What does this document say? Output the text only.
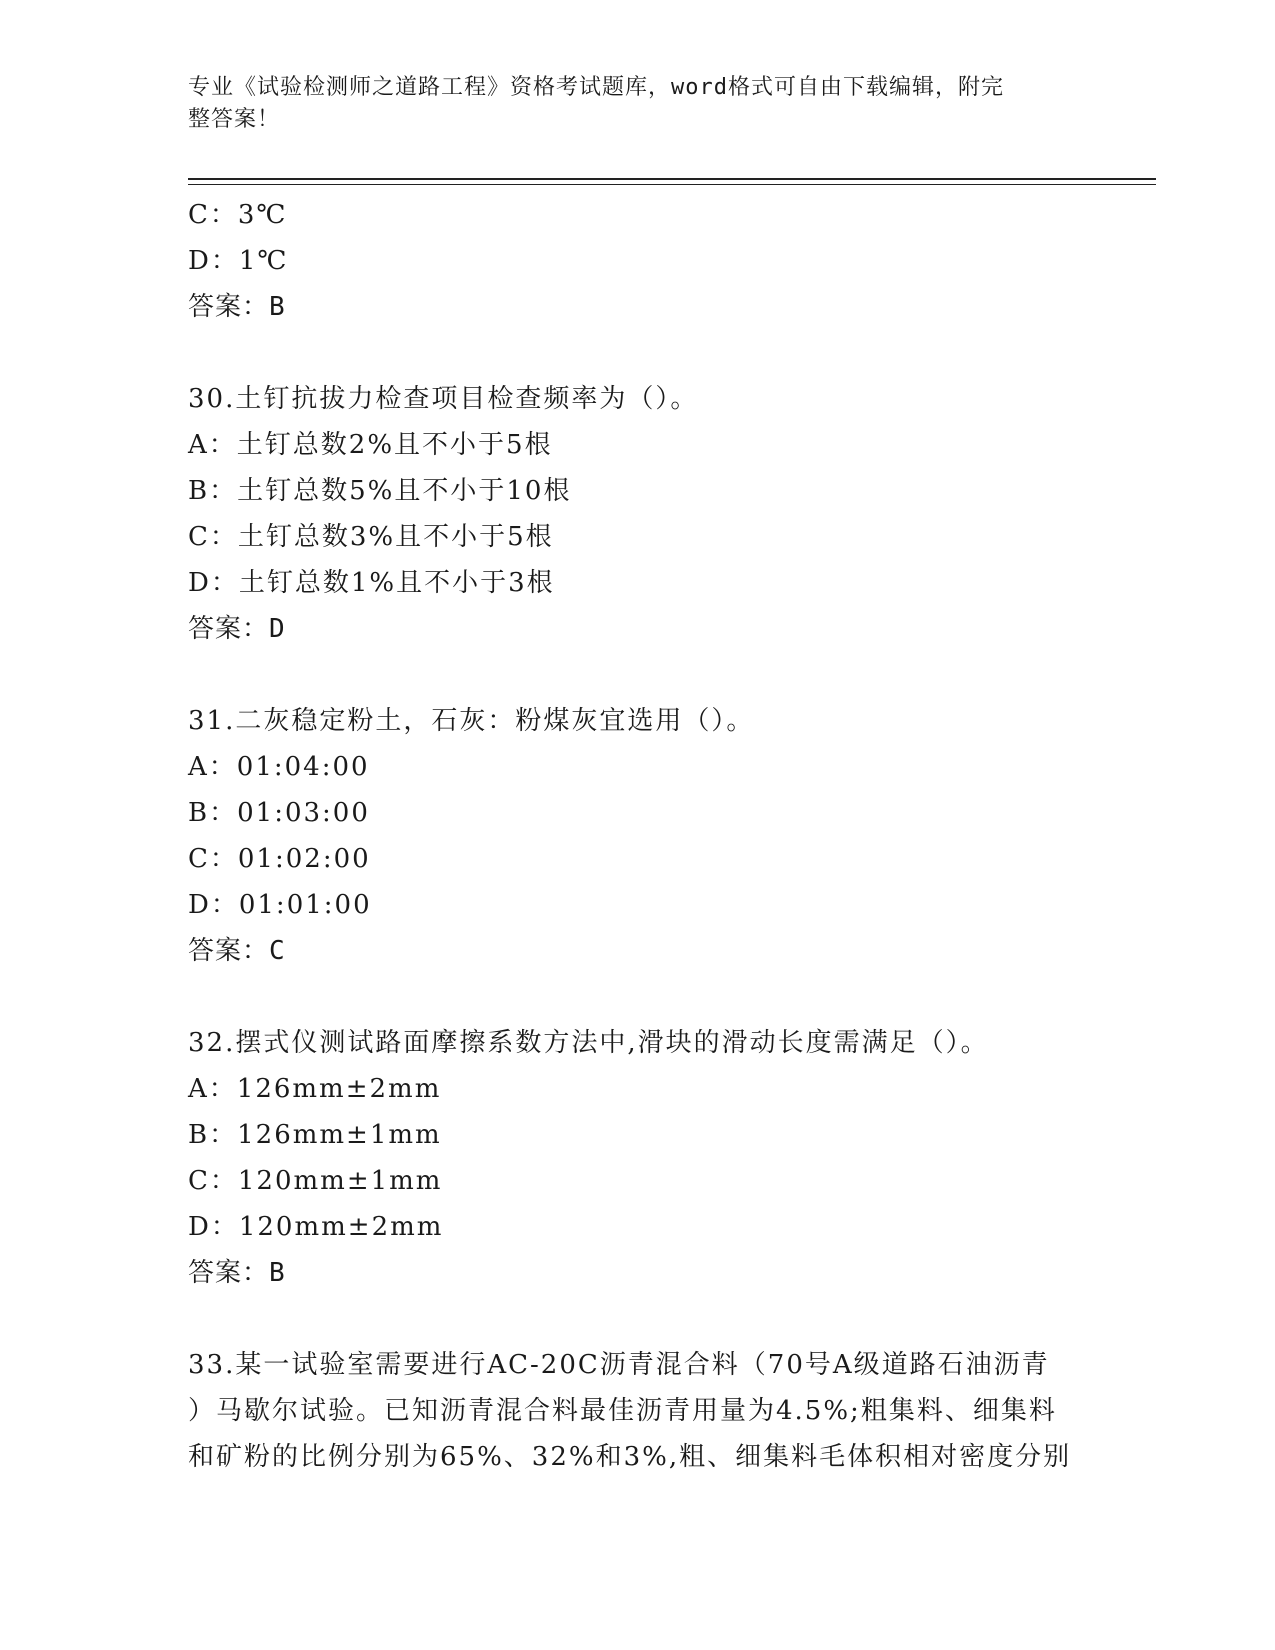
专业《试验检测师之道路工程》资格考试题库，word格式可自由下载编辑，附完
整答案！
C：3℃
D：1℃
答案：B
30.土钉抗拔力检查项目检查频率为（）。
A：土钉总数2%且不小于5根
B：土钉总数5%且不小于10根
C：土钉总数3%且不小于5根
D：土钉总数1%且不小于3根
答案：D
31.二灰稳定粉土，石灰：粉煤灰宜选用（）。
A：01:04:00
B：01:03:00
C：01:02:00
D：01:01:00
答案：C
32.摆式仪测试路面摩擦系数方法中,滑块的滑动长度需满足（）。
A：126mm±2mm
B：126mm±1mm
C：120mm±1mm
D：120mm±2mm
答案：B
33.某一试验室需要进行AC-20C沥青混合料（70号A级道路石油沥青
）马歇尔试验。已知沥青混合料最佳沥青用量为4.5%;粗集料、细集料
和矿粉的比例分别为65%、32%和3%,粗、细集料毛体积相对密度分别
